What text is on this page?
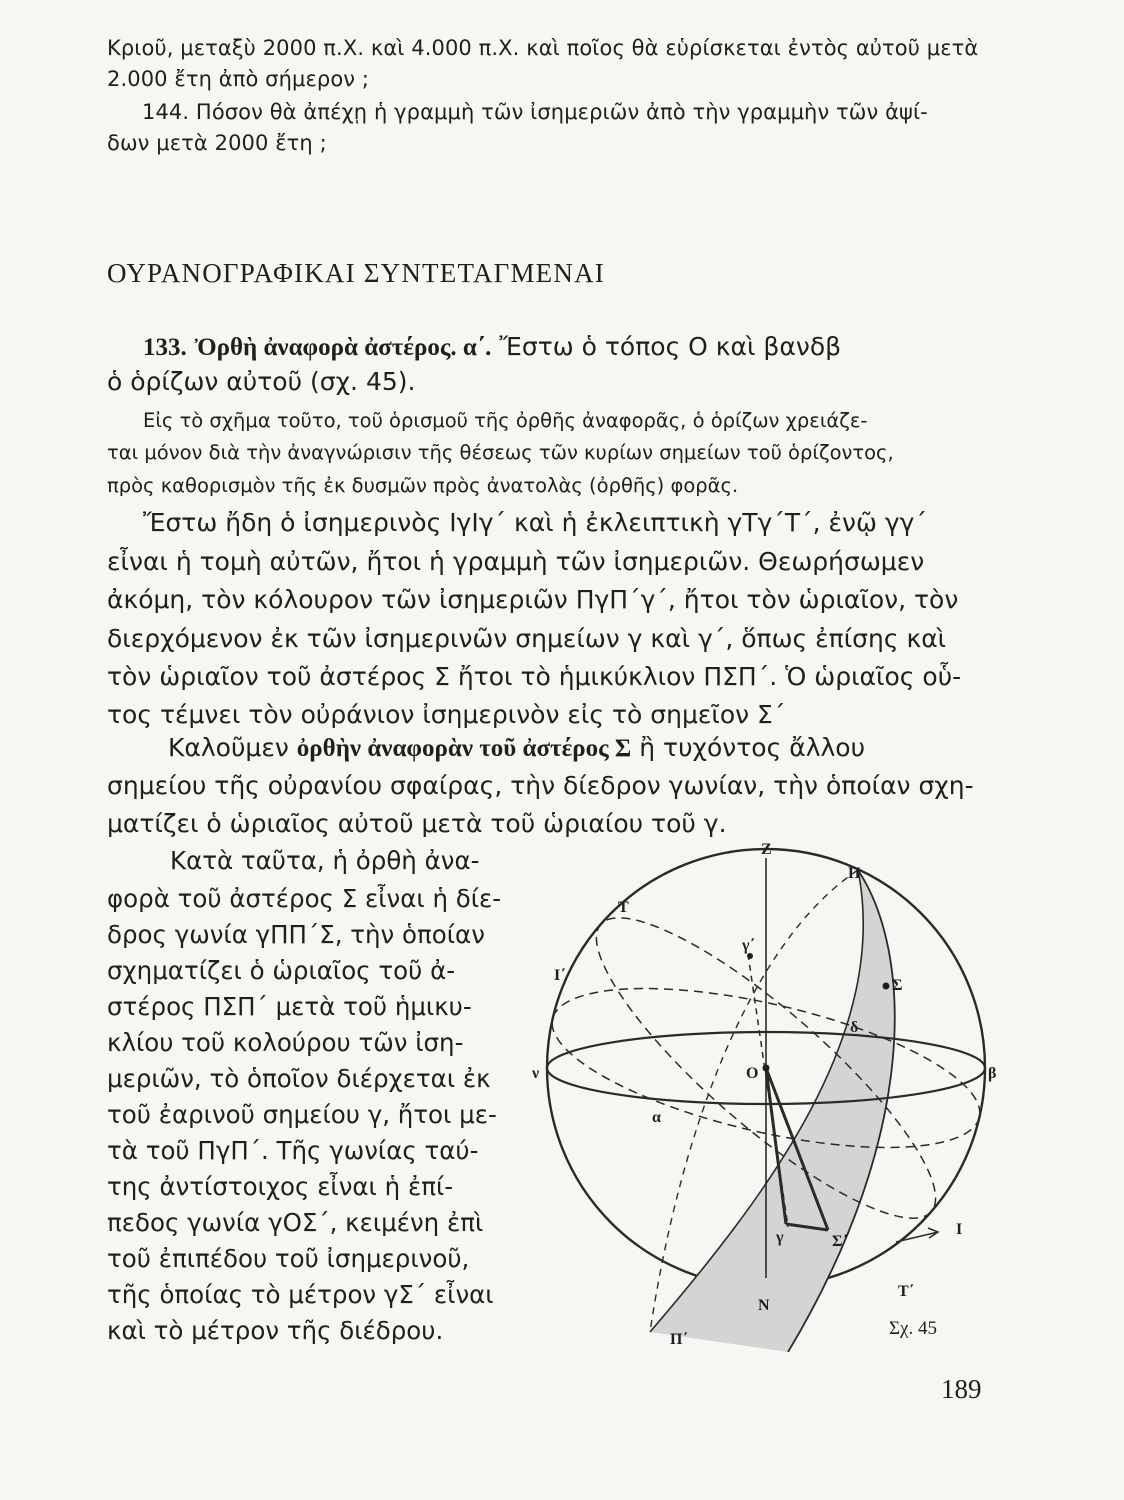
Κριοῦ, μεταξὺ 2000 π.Χ. καὶ 4.000 π.Χ. καὶ ποῖος θὰ εὑρίσκεται ἐντὸς αὐτοῦ μετὰ
2.000 ἔτη ἀπὸ σήμερον ;
144. Πόσον θὰ ἀπέχῃ ἡ γραμμὴ τῶν ἰσημεριῶν ἀπὸ τὴν γραμμὴν τῶν ἀψί-
δων μετὰ 2000 ἔτη ;
ΟΥΡΑΝΟΓΡΑΦΙΚΑΙ ΣΥΝΤΕΤΑΓΜΕΝΑΙ
133. Ὀρθὴ ἀναφορὰ ἀστέρος. α΄. Ἔστω ὁ τόπος Ο καὶ βανδβ
ὁ ὁρίζων αὐτοῦ (σχ. 45).
Εἰς τὸ σχῆμα τοῦτο, τοῦ ὁρισμοῦ τῆς ὀρθῆς ἀναφορᾶς, ὁ ὁρίζων χρειάζε-
ται μόνον διὰ τὴν ἀναγνώρισιν τῆς θέσεως τῶν κυρίων σημείων τοῦ ὁρίζοντος,
πρὸς καθορισμὸν τῆς ἐκ δυσμῶν πρὸς ἀνατολὰς (ὀρθῆς) φορᾶς.
Ἔστω ἤδη ὁ ἰσημερινὸς ΙγΙγ΄ καὶ ἡ ἐκλειπτικὴ γΤγ΄Τ΄, ἐνῷ γγ΄
εἶναι ἡ τομὴ αὐτῶν, ἤτοι ἡ γραμμὴ τῶν ἰσημεριῶν. Θεωρήσωμεν
ἀκόμη, τὸν κόλουρον τῶν ἰσημεριῶν ΠγΠ΄γ΄, ἤτοι τὸν ὡριαῖον, τὸν
διερχόμενον ἐκ τῶν ἰσημερινῶν σημείων γ καὶ γ΄, ὅπως ἐπίσης καὶ
τὸν ὡριαῖον τοῦ ἀστέρος Σ ἤτοι τὸ ἡμικύκλιον ΠΣΠ΄. Ὁ ὡριαῖος οὗ-
τος τέμνει τὸν οὐράνιον ἰσημερινὸν εἰς τὸ σημεῖον Σ΄
Καλοῦμεν ὀρθὴν ἀναφορὰν τοῦ ἀστέρος Σ ἢ τυχόντος ἄλλου
σημείου τῆς οὐρανίου σφαίρας, τὴν δίεδρον γωνίαν, τὴν ὁποίαν σχη-
ματίζει ὁ ὡριαῖος αὐτοῦ μετὰ τοῦ ὡριαίου τοῦ γ.
Κατὰ ταῦτα, ἡ ὀρθὴ ἀνα-
φορὰ τοῦ ἀστέρος Σ εἶναι ἡ δίε-
δρος γωνία γΠΠ΄Σ, τὴν ὁποίαν
σχηματίζει ὁ ὡριαῖος τοῦ ἀ-
στέρος ΠΣΠ΄ μετὰ τοῦ ἡμικυ-
κλίου τοῦ κολούρου τῶν ἰση-
μεριῶν, τὸ ὁποῖον διέρχεται ἐκ
τοῦ ἐαρινοῦ σημείου γ, ἤτοι με-
τὰ τοῦ ΠγΠ΄. Τῆς γωνίας ταύ-
της ἀντίστοιχος εἶναι ἡ ἐπί-
πεδος γωνία γΟΣ΄, κειμένη ἐπὶ
τοῦ ἐπιπέδου τοῦ ἰσημερινοῦ,
τῆς ὁποίας τὸ μέτρον γΣ΄ εἶναι
καὶ τὸ μέτρον τῆς διέδρου.
Z
Π
Τ
Ι΄
γ΄
Σ
δ
ν	Ο	β
α
γ	Σ΄
Ι
Τ΄
Π΄
Ν
Σχ. 45
189
